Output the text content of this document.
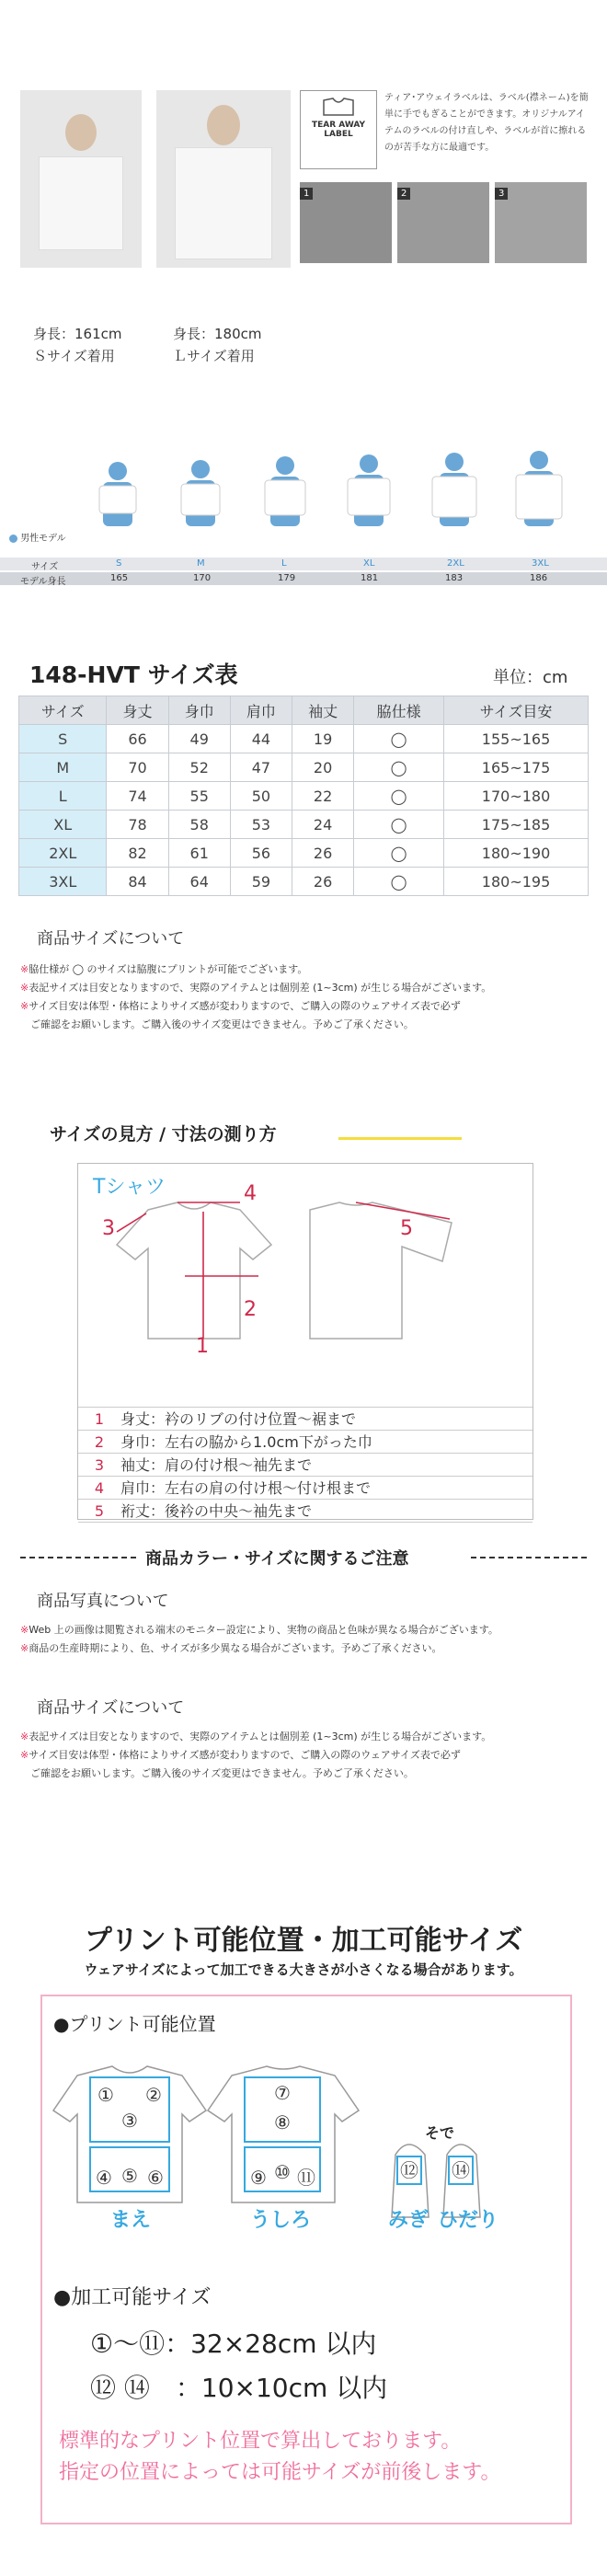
身長：161cm
Ｓサイズ着用
身長：180cm
Ｌサイズ着用
TEAR AWAY
LABEL
ティア･アウェイラベルは、ラベル(襟ネーム)を簡単に手でもぎることができます。オリジナルアイテムのラベルの付け直しや、ラベルが首に擦れるのが苦手な方に最適です。
1	2	3
男性モデル
サイズ	S	M	L	XL	2XL	3XL
モデル身長	165	170	179	181	183	186
148-HVT サイズ表	単位：cm
サイズ	身丈	身巾	肩巾	袖丈	脇仕様	サイズ目安
S	66	49	44	19	◯	155~165
M	70	52	47	20	◯	165~175
L	74	55	50	22	◯	170~180
XL	78	58	53	24	◯	175~185
2XL	82	61	56	26	◯	180~190
3XL	84	64	59	26	◯	180~195
商品サイズについて
※脇仕様が ◯ のサイズは脇腹にプリントが可能でございます。
※表記サイズは目安となりますので、実際のアイテムとは個別差 (1~3cm) が生じる場合がございます。
※サイズ目安は体型・体格によりサイズ感が変わりますので、ご購入の際のウェアサイズ表で必ず
ご確認をお願いします。ご購入後のサイズ変更はできません。予めご了承ください。
サイズの見方 / 寸法の測り方
Tシャツ
1
2
3
4
5
1 身丈：衿のリブの付け位置～裾まで
2 身巾：左右の脇から1.0cm下がった巾
3 袖丈：肩の付け根～袖先まで
4 肩巾：左右の肩の付け根～付け根まで
5 裄丈：後衿の中央～袖先まで
商品カラー・サイズに関するご注意
商品写真について
※Web 上の画像は閲覧される端末のモニター設定により、実物の商品と色味が異なる場合がございます。
※商品の生産時期により、色、サイズが多少異なる場合がございます。予めご了承ください。
商品サイズについて
※表記サイズは目安となりますので、実際のアイテムとは個別差 (1~3cm) が生じる場合がございます。
※サイズ目安は体型・体格によりサイズ感が変わりますので、ご購入の際のウェアサイズ表で必ず
ご確認をお願いします。ご購入後のサイズ変更はできません。予めご了承ください。
プリント可能位置・加工可能サイズ
ウェアサイズによって加工できる大きさが小さくなる場合があります。
●プリント可能位置
① ②
③
④ ⑤ ⑥
⑦
⑧
⑨ ⑩ ⑪	⑫ ⑭
そで
まえ	うしろ	みぎ ひだり
●加工可能サイズ
①～⑪：32×28cm 以内
⑫ ⑭　：10×10cm 以内
標準的なプリント位置で算出しております。
指定の位置によっては可能サイズが前後します。
